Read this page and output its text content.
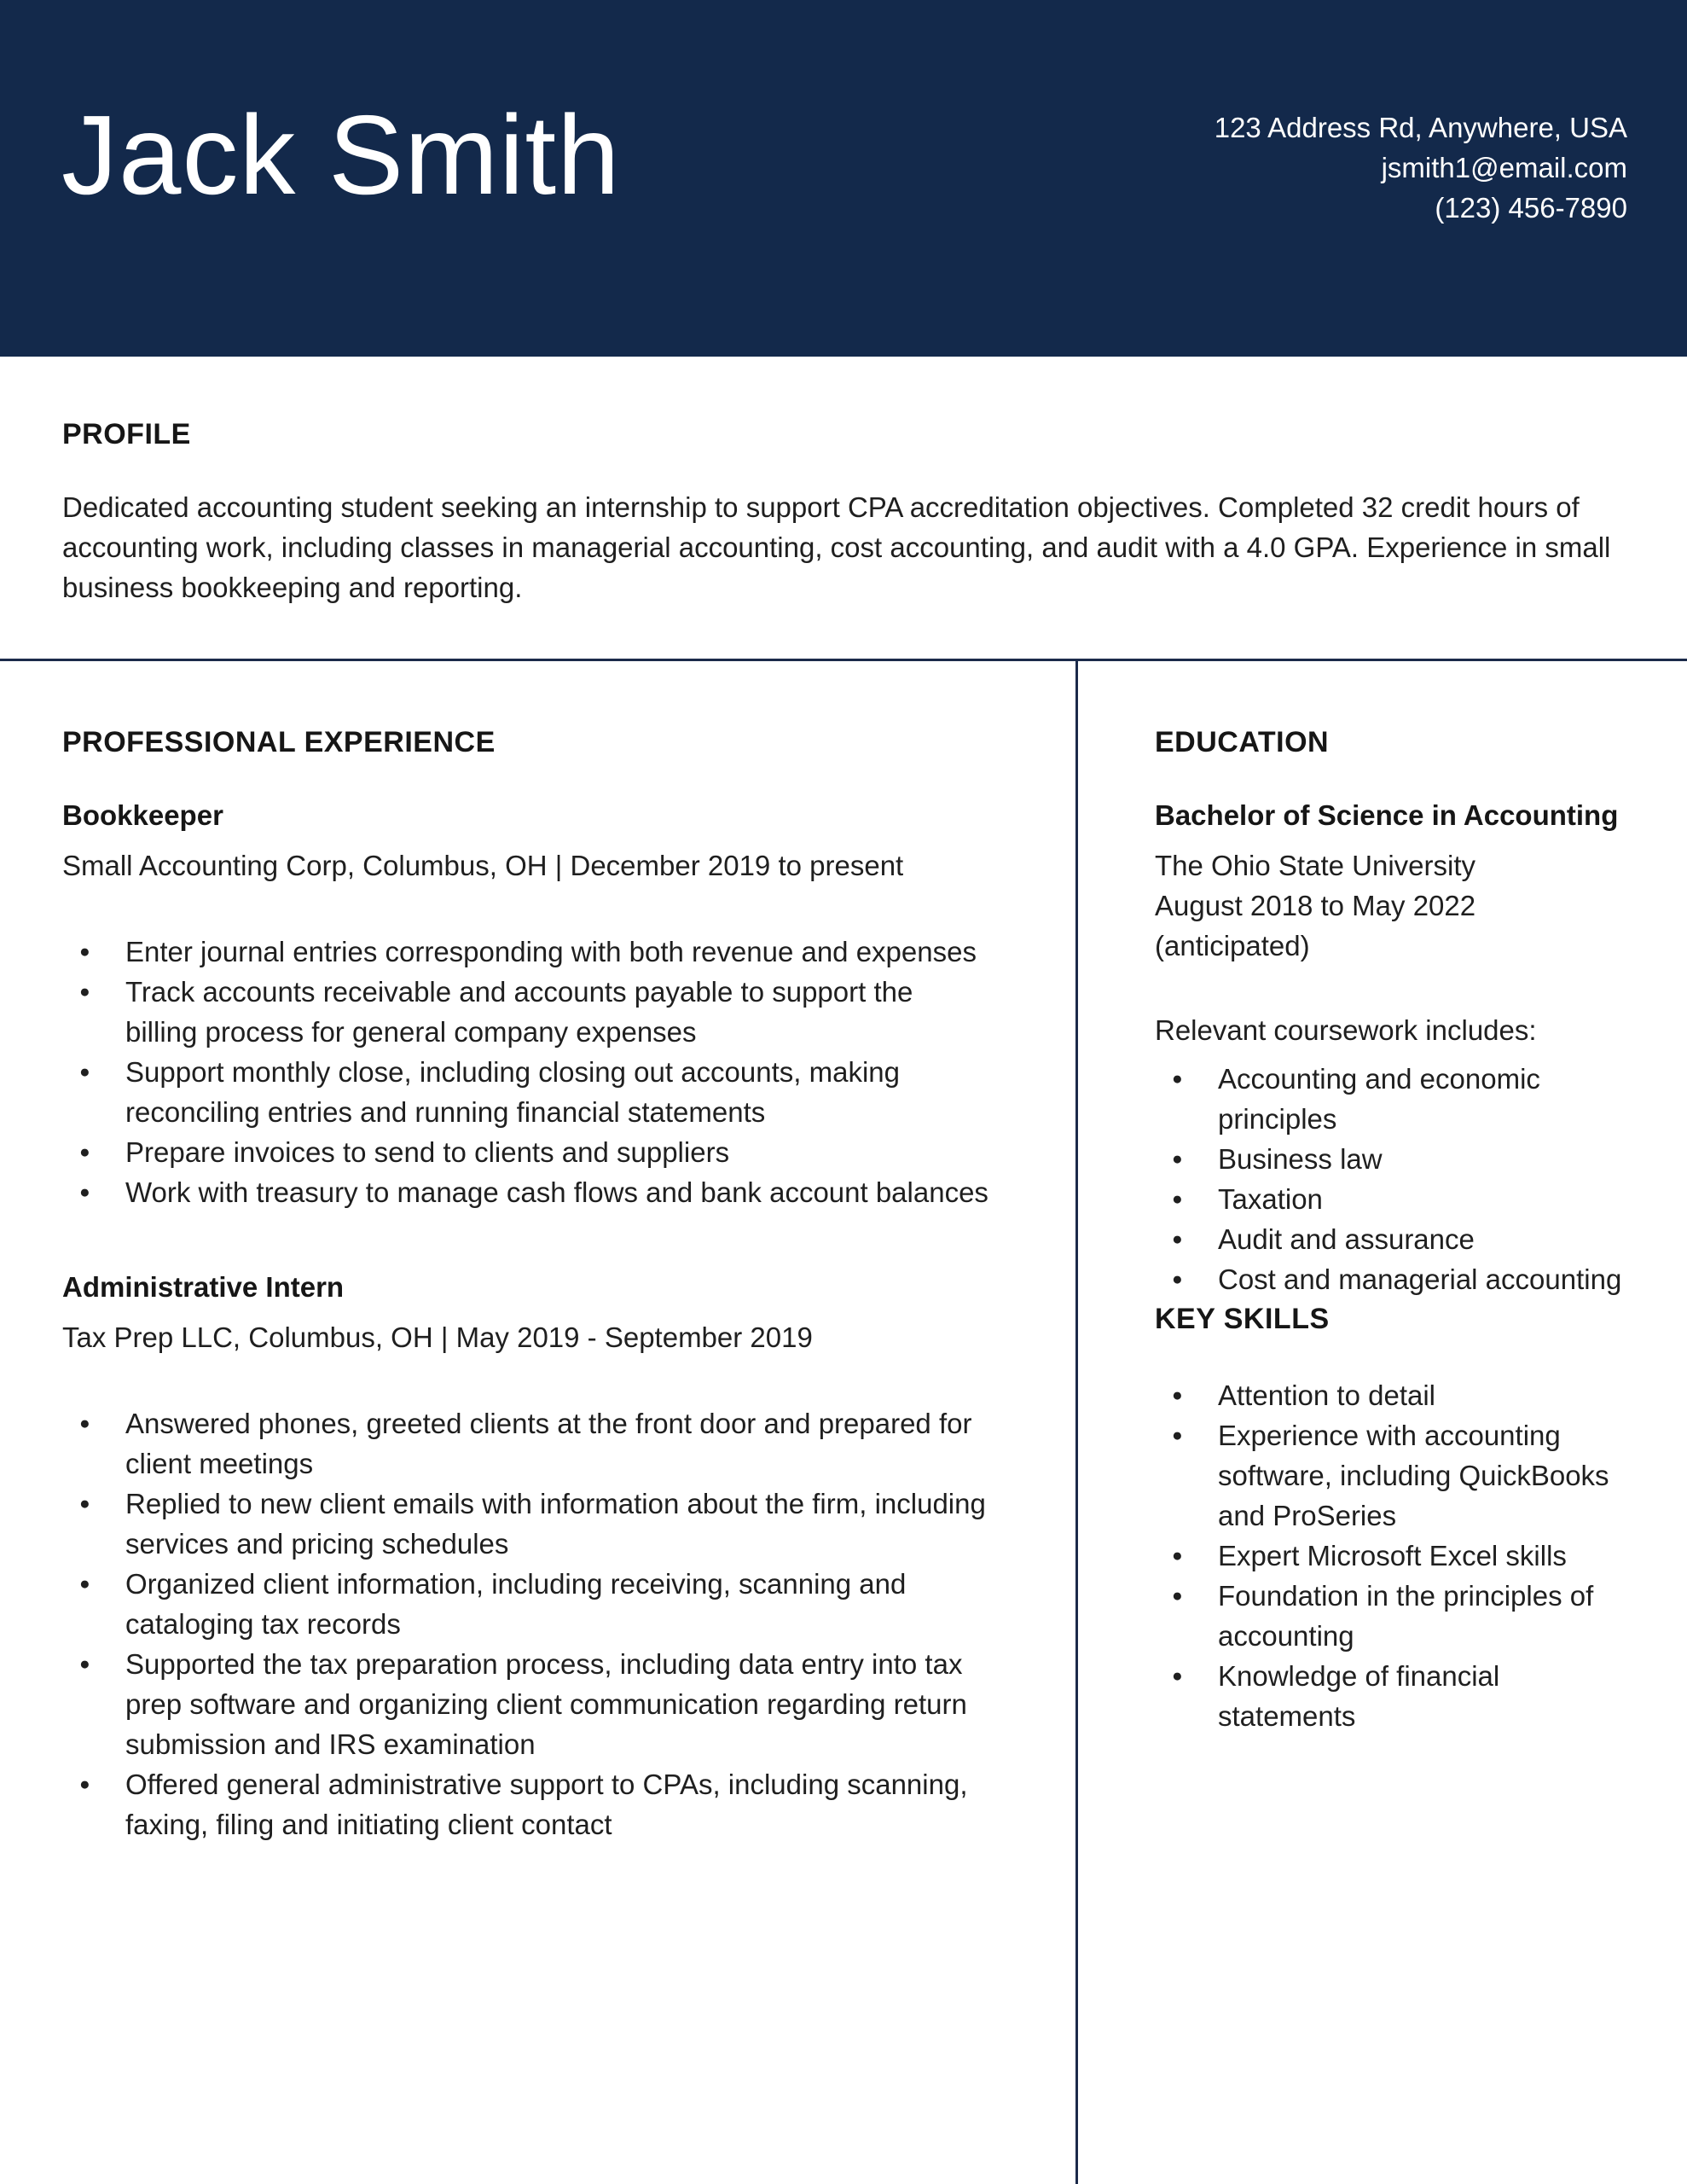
Jack Smith	123 Address Rd, Anywhere, USA
jsmith1@email.com
(123) 456-7890
PROFILE

Dedicated accounting student seeking an internship to support CPA accreditation objectives. Completed 32 credit hours of accounting work, including classes in managerial accounting, cost accounting, and audit with a 4.0 GPA. Experience in small business bookkeeping and reporting.

PROFESSIONAL EXPERIENCE
Bookkeeper

Small Accounting Corp, Columbus, OH | December 2019 to present

● Enter journal entries corresponding with both revenue and expenses
● Track accounts receivable and accounts payable to support the billing process for general company expenses
● Support monthly close, including closing out accounts, making reconciling entries and running financial statements
● Prepare invoices to send to clients and suppliers
● Work with treasury to manage cash flows and bank account balances
Administrative Intern

Tax Prep LLC, Columbus, OH | May 2019 - September 2019

● Answered phones, greeted clients at the front door and prepared for client meetings
● Replied to new client emails with information about the firm, including services and pricing schedules
● Organized client information, including receiving, scanning and cataloging tax records
● Supported the tax preparation process, including data entry into tax prep software and organizing client communication regarding return submission and IRS examination
● Offered general administrative support to CPAs, including scanning, faxing, filing and initiating client contact
EDUCATION
Bachelor of Science in Accounting

The Ohio State University

August 2018 to May 2022

(anticipated)

Relevant coursework includes:

● Accounting and economic principles
● Business law
● Taxation
● Audit and assurance
● Cost and managerial accounting
KEY SKILLS
● Attention to detail
● Experience with accounting software, including QuickBooks and ProSeries
● Expert Microsoft Excel skills
● Foundation in the principles of accounting
● Knowledge of financial statements
